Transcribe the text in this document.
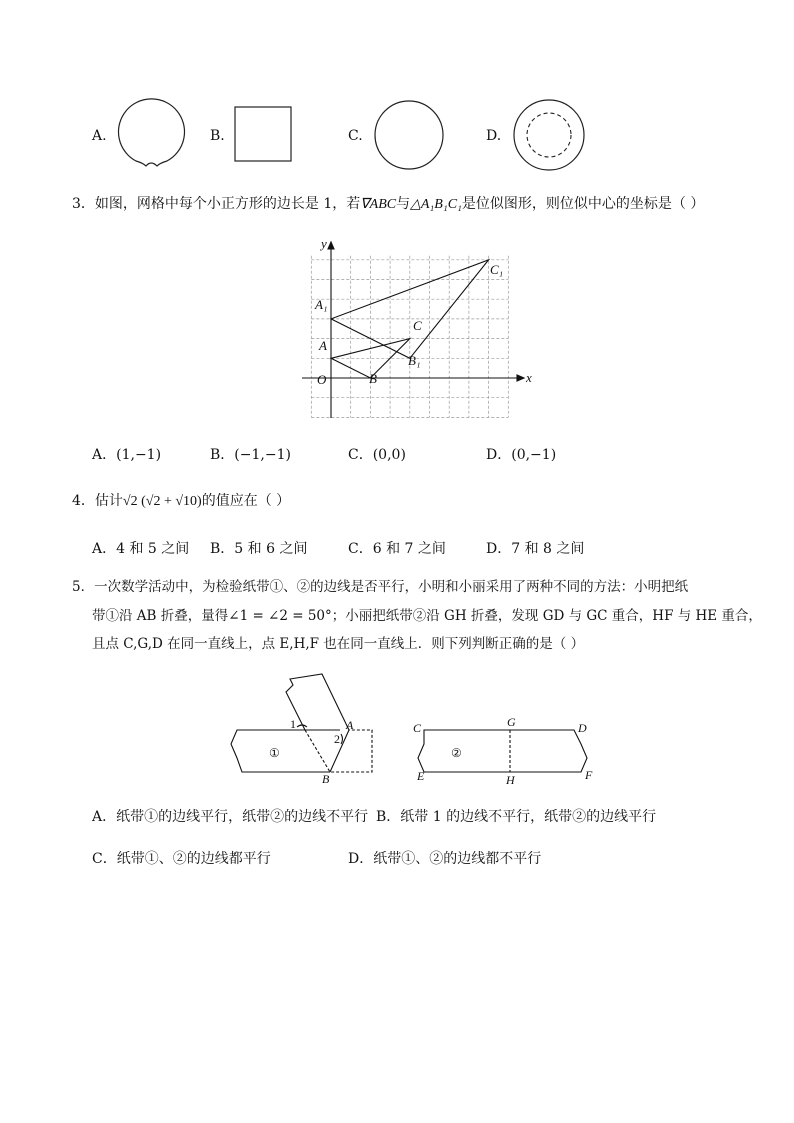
A.	B.	C.	D.
3．如图，网格中每个小正方形的边长是 1，若∇ABC与△A₁B₁C₁是位似图形，则位似中心的坐标是（ ）
x
y
O
A
B
C
A₁
B₁
C₁
A．(1,−1)	B．(−1,−1)	C．(0,0)	D．(0,−1)
4．估计√2 (√2 + √10)的值应在（ ）
A．4 和 5 之间 B．5 和 6 之间	C．6 和 7 之间	D．7 和 8 之间
5．一次数学活动中，为检验纸带①、②的边线是否平行，小明和小丽采用了两种不同的方法：小明把纸
带①沿 AB 折叠，量得∠1 = ∠2 = 50°；小丽把纸带②沿 GH 折叠，发现 GD 与 GC 重合，HF 与 HE 重合，
且点 C,G,D 在同一直线上，点 E,H,F 也在同一直线上．则下列判断正确的是（ ）
①	②
1
2
A
B
C	D
E	F
G
H
A．纸带①的边线平行，纸带②的边线不平行 B．纸带 1 的边线不平行，纸带②的边线平行
C．纸带①、②的边线都平行	D．纸带①、②的边线都不平行
